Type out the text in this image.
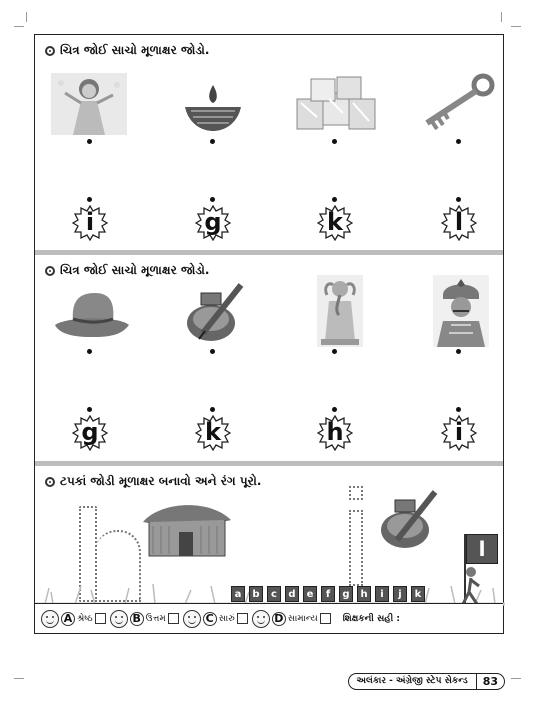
ચિત્ર જોઈ સાચો મૂળાક્ષર જોડો.
i	g	k	l
ચિત્ર જોઈ સાચો મૂળાક્ષર જોડો.
g	k	h	i
ટપકાં જોડી મૂળાક્ષર બનાવો અને રંગ પૂરો.
a	b	c	d	e	f	g	h	i	j	k
l
A શ્રેષ્ઠ	B ઉત્તમ	C સારું	D સામાન્ય	શિક્ષકની સહી :
અલંકાર - અંગ્રેજી સ્ટેપ સેકન્ડ	83
